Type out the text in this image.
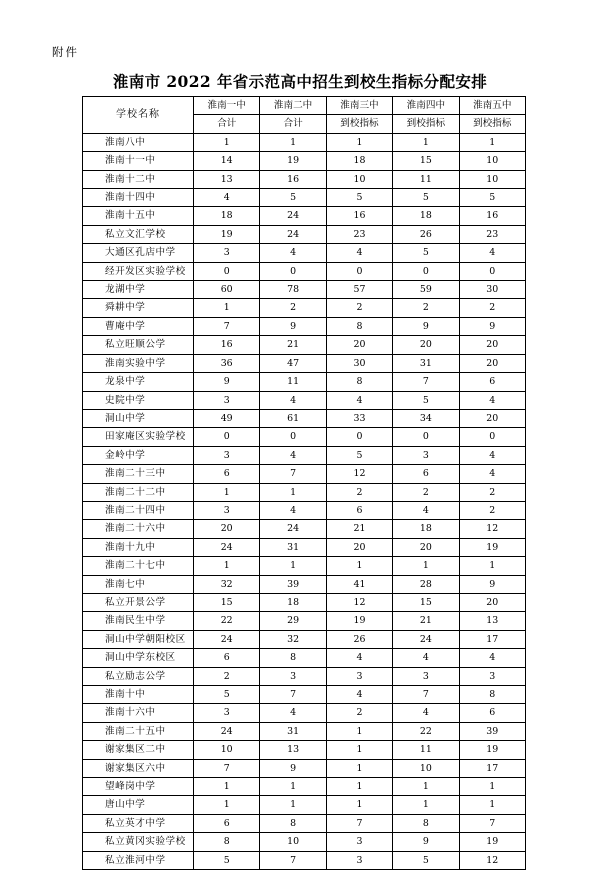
附件
淮南市 2022 年省示范高中招生到校生指标分配安排
学校名称	淮南一中	淮南二中	淮南三中	淮南四中	淮南五中
	合计	合计	到校指标	到校指标	到校指标
淮南八中	1	1	1	1	1
淮南十一中	14	19	18	15	10
淮南十二中	13	16	10	11	10
淮南十四中	4	5	5	5	5
淮南十五中	18	24	16	18	16
私立文汇学校	19	24	23	26	23
大通区孔店中学	3	4	4	5	4
经开发区实验学校	0	0	0	0	0
龙湖中学	60	78	57	59	30
舜耕中学	1	2	2	2	2
曹庵中学	7	9	8	9	9
私立旺顺公学	16	21	20	20	20
淮南实验中学	36	47	30	31	20
龙泉中学	9	11	8	7	6
史院中学	3	4	4	5	4
洞山中学	49	61	33	34	20
田家庵区实验学校	0	0	0	0	0
金岭中学	3	4	5	3	4
淮南二十三中	6	7	12	6	4
淮南二十二中	1	1	2	2	2
淮南二十四中	3	4	6	4	2
淮南二十六中	20	24	21	18	12
淮南十九中	24	31	20	20	19
淮南二十七中	1	1	1	1	1
淮南七中	32	39	41	28	9
私立开景公学	15	18	12	15	20
淮南民生中学	22	29	19	21	13
洞山中学朝阳校区	24	32	26	24	17
洞山中学东校区	6	8	4	4	4
私立励志公学	2	3	3	3	3
淮南十中	5	7	4	7	8
淮南十六中	3	4	2	4	6
淮南二十五中	24	31	1	22	39
谢家集区二中	10	13	1	11	19
谢家集区六中	7	9	1	10	17
望峰岗中学	1	1	1	1	1
唐山中学	1	1	1	1	1
私立英才中学	6	8	7	8	7
私立黄冈实验学校	8	10	3	9	19
私立淮河中学	5	7	3	5	12
